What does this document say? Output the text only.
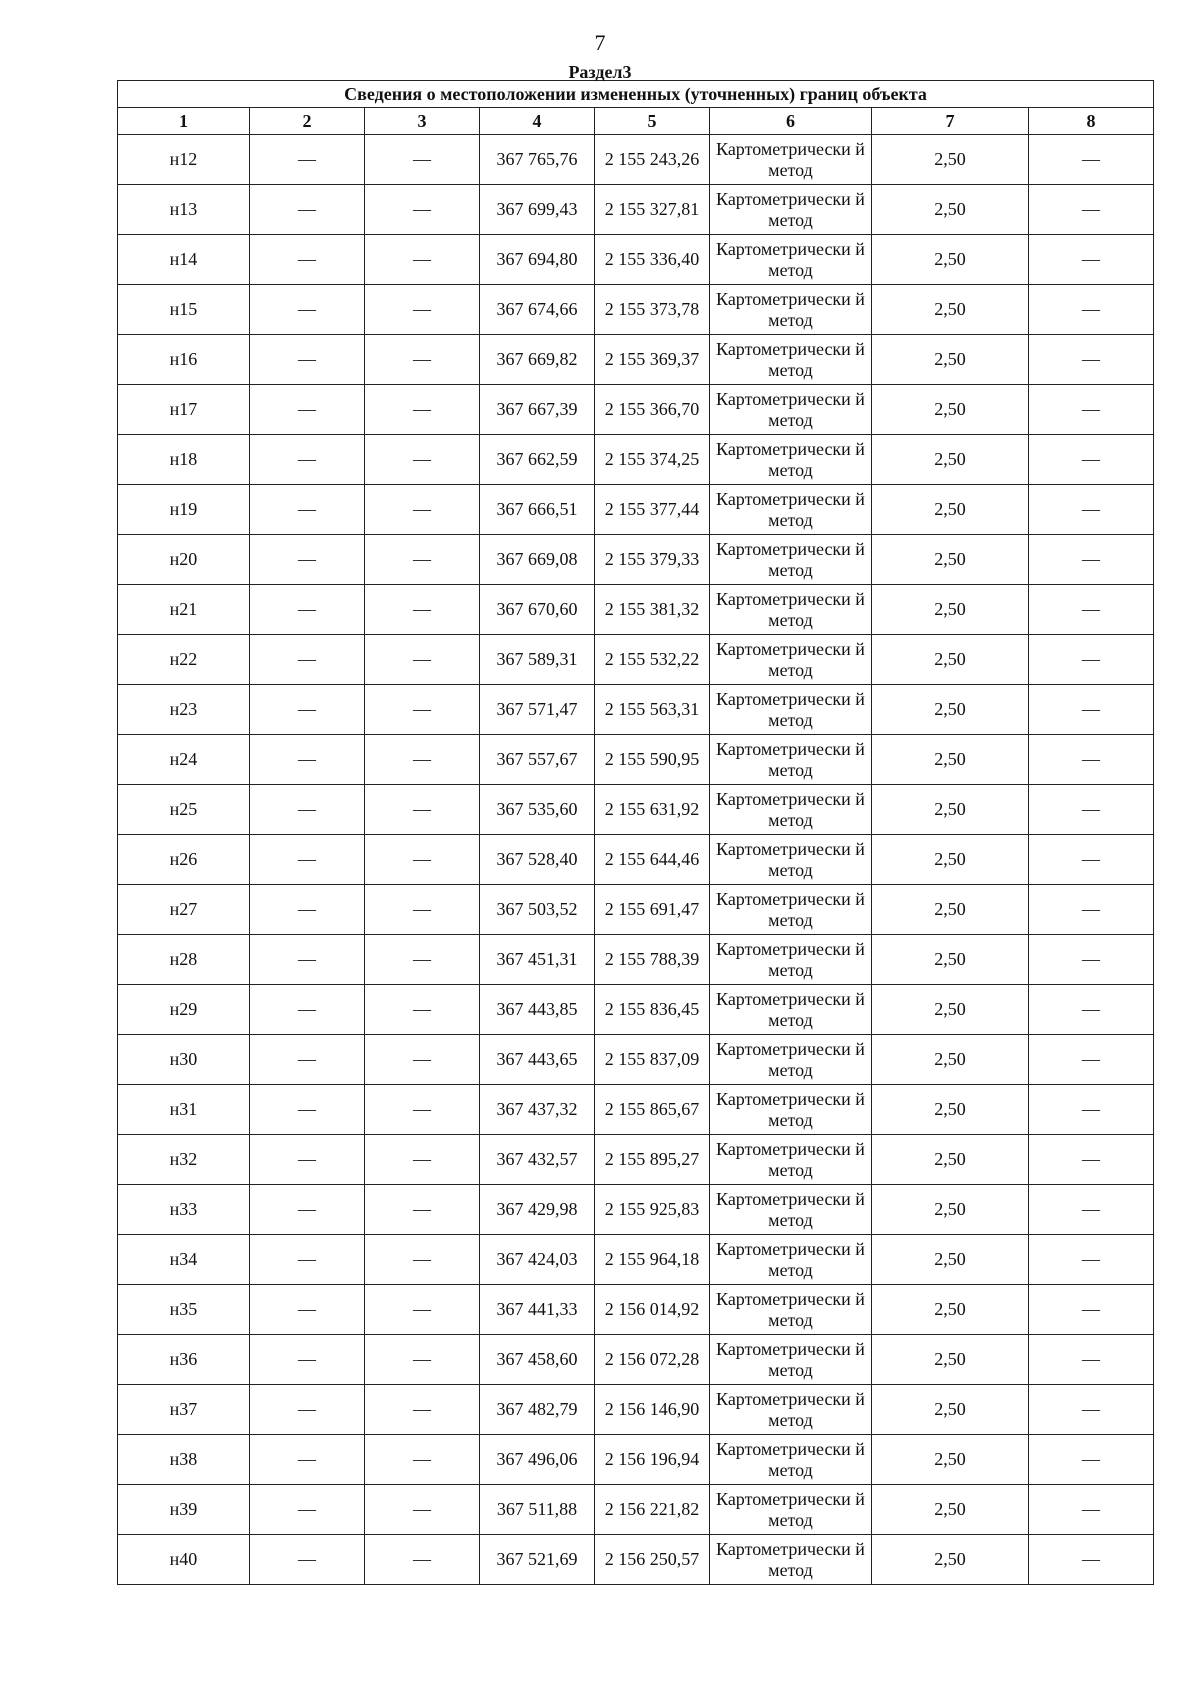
7
Раздел3
Сведения о местоположении измененных (уточненных) границ объекта							
1	2	3	4	5	6	7	8
н12	—	—	367 765,76	2 155 243,26	Картометрически й метод	2,50	—
н13	—	—	367 699,43	2 155 327,81	Картометрически й метод	2,50	—
н14	—	—	367 694,80	2 155 336,40	Картометрически й метод	2,50	—
н15	—	—	367 674,66	2 155 373,78	Картометрически й метод	2,50	—
н16	—	—	367 669,82	2 155 369,37	Картометрически й метод	2,50	—
н17	—	—	367 667,39	2 155 366,70	Картометрически й метод	2,50	—
н18	—	—	367 662,59	2 155 374,25	Картометрически й метод	2,50	—
н19	—	—	367 666,51	2 155 377,44	Картометрически й метод	2,50	—
н20	—	—	367 669,08	2 155 379,33	Картометрически й метод	2,50	—
н21	—	—	367 670,60	2 155 381,32	Картометрически й метод	2,50	—
н22	—	—	367 589,31	2 155 532,22	Картометрически й метод	2,50	—
н23	—	—	367 571,47	2 155 563,31	Картометрически й метод	2,50	—
н24	—	—	367 557,67	2 155 590,95	Картометрически й метод	2,50	—
н25	—	—	367 535,60	2 155 631,92	Картометрически й метод	2,50	—
н26	—	—	367 528,40	2 155 644,46	Картометрически й метод	2,50	—
н27	—	—	367 503,52	2 155 691,47	Картометрически й метод	2,50	—
н28	—	—	367 451,31	2 155 788,39	Картометрически й метод	2,50	—
н29	—	—	367 443,85	2 155 836,45	Картометрически й метод	2,50	—
н30	—	—	367 443,65	2 155 837,09	Картометрически й метод	2,50	—
н31	—	—	367 437,32	2 155 865,67	Картометрически й метод	2,50	—
н32	—	—	367 432,57	2 155 895,27	Картометрически й метод	2,50	—
н33	—	—	367 429,98	2 155 925,83	Картометрически й метод	2,50	—
н34	—	—	367 424,03	2 155 964,18	Картометрически й метод	2,50	—
н35	—	—	367 441,33	2 156 014,92	Картометрически й метод	2,50	—
н36	—	—	367 458,60	2 156 072,28	Картометрически й метод	2,50	—
н37	—	—	367 482,79	2 156 146,90	Картометрически й метод	2,50	—
н38	—	—	367 496,06	2 156 196,94	Картометрически й метод	2,50	—
н39	—	—	367 511,88	2 156 221,82	Картометрически й метод	2,50	—
н40	—	—	367 521,69	2 156 250,57	Картометрически й метод	2,50	—
